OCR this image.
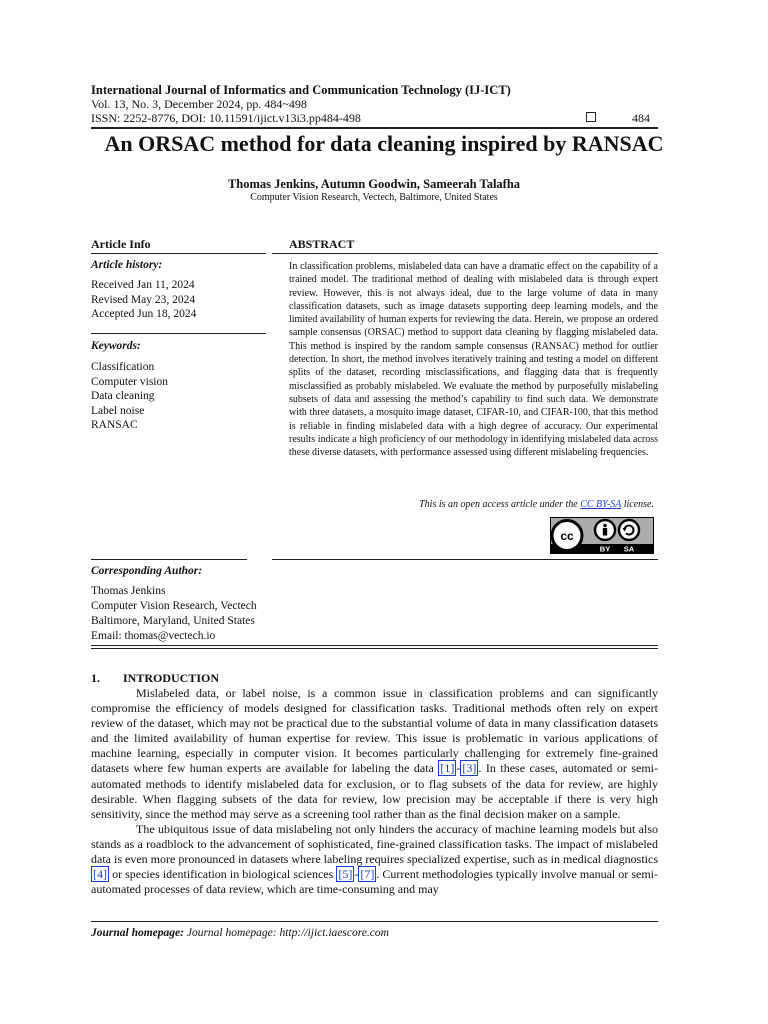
International Journal of Informatics and Communication Technology (IJ-ICT)
Vol. 13, No. 3, December 2024, pp. 484~498
ISSN: 2252-8776, DOI: 10.11591/ijict.v13i3.pp484-498	484
An ORSAC method for data cleaning inspired by RANSAC
Thomas Jenkins, Autumn Goodwin, Sameerah Talafha
Computer Vision Research, Vectech, Baltimore, United States
Article Info
Article history:
Received Jan 11, 2024
Revised May 23, 2024
Accepted Jun 18, 2024
Keywords:
Classification
Computer vision
Data cleaning
Label noise
RANSAC
ABSTRACT
In classification problems, mislabeled data can have a dramatic effect on the capability of a trained model. The traditional method of dealing with mislabeled data is through expert review. However, this is not always ideal, due to the large volume of data in many classification datasets, such as image datasets supporting deep learning models, and the limited availability of human experts for reviewing the data. Herein, we propose an ordered sample consensus (ORSAC) method to support data cleaning by flagging mislabeled data. This method is inspired by the random sample consensus (RANSAC) method for outlier detection. In short, the method involves iteratively training and testing a model on different splits of the dataset, recording misclassifications, and flagging data that is frequently misclassified as probably mislabeled. We evaluate the method by purposefully mislabeling subsets of data and assessing the method’s capability to find such data. We demonstrate with three datasets, a mosquito image dataset, CIFAR-10, and CIFAR-100, that this method is reliable in finding mislabeled data with a high degree of accuracy. Our experimental results indicate a high proficiency of our methodology in identifying mislabeled data across these diverse datasets, with performance assessed using different mislabeling frequencies.
This is an open access article under the CC BY-SA license.
cc
BY SA
Corresponding Author:
Thomas Jenkins
Computer Vision Research, Vectech
Baltimore, Maryland, United States
Email: thomas@vectech.io
1. INTRODUCTION

Mislabeled data, or label noise, is a common issue in classification problems and can significantly compromise the efficiency of models designed for classification tasks. Traditional methods often rely on expert review of the dataset, which may not be practical due to the substantial volume of data in many classification datasets and the limited availability of human expertise for review. This issue is problematic in various applications of machine learning, especially in computer vision. It becomes particularly challenging for extremely fine-grained datasets where few human experts are available for labeling the data [1] - [3] . In these cases, automated or semi-automated methods to identify mislabeled data for exclusion, or to flag subsets of the data for review, are highly desirable. When flagging subsets of the data for review, low precision may be acceptable if there is very high sensitivity, since the method may serve as a screening tool rather than as the final decision maker on a sample.

The ubiquitous issue of data mislabeling not only hinders the accuracy of machine learning models but also stands as a roadblock to the advancement of sophisticated, fine-grained classification tasks. The impact of mislabeled data is even more pronounced in datasets where labeling requires specialized expertise, such as in medical diagnostics [4] or species identification in biological sciences [5] - [7] . Current methodologies typically involve manual or semi-automated processes of data review, which are time-consuming and may

Journal homepage: Journal homepage: http://ijict.iaescore.com
